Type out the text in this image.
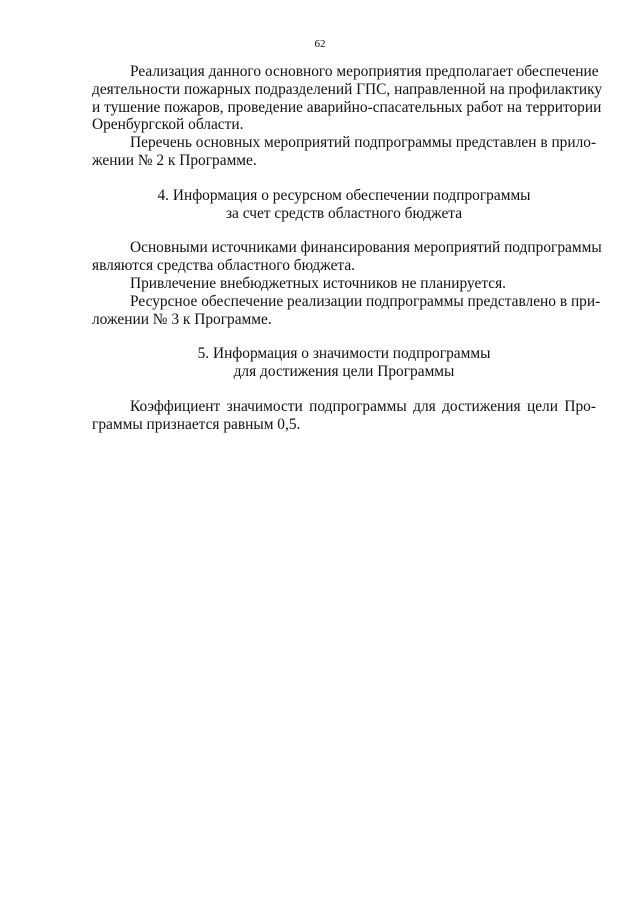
62

Реализация данного основного мероприятия предполагает обеспечение
деятельности пожарных подразделений ГПС, направленной на профилактику
и тушение пожаров, проведение аварийно-спасательных работ на территории
Оренбургской области.

Перечень основных мероприятий подпрограммы представлен в прило-
жении № 2 к Программе.

4. Информация о ресурсном обеспечении подпрограммы
за счет средств областного бюджета

Основными источниками финансирования мероприятий подпрограммы
являются средства областного бюджета.

Привлечение внебюджетных источников не планируется.

Ресурсное обеспечение реализации подпрограммы представлено в при-
ложении № 3 к Программе.

5. Информация о значимости подпрограммы
для достижения цели Программы

Коэффициент значимости подпрограммы для достижения цели Про-
граммы признается равным 0,5.
